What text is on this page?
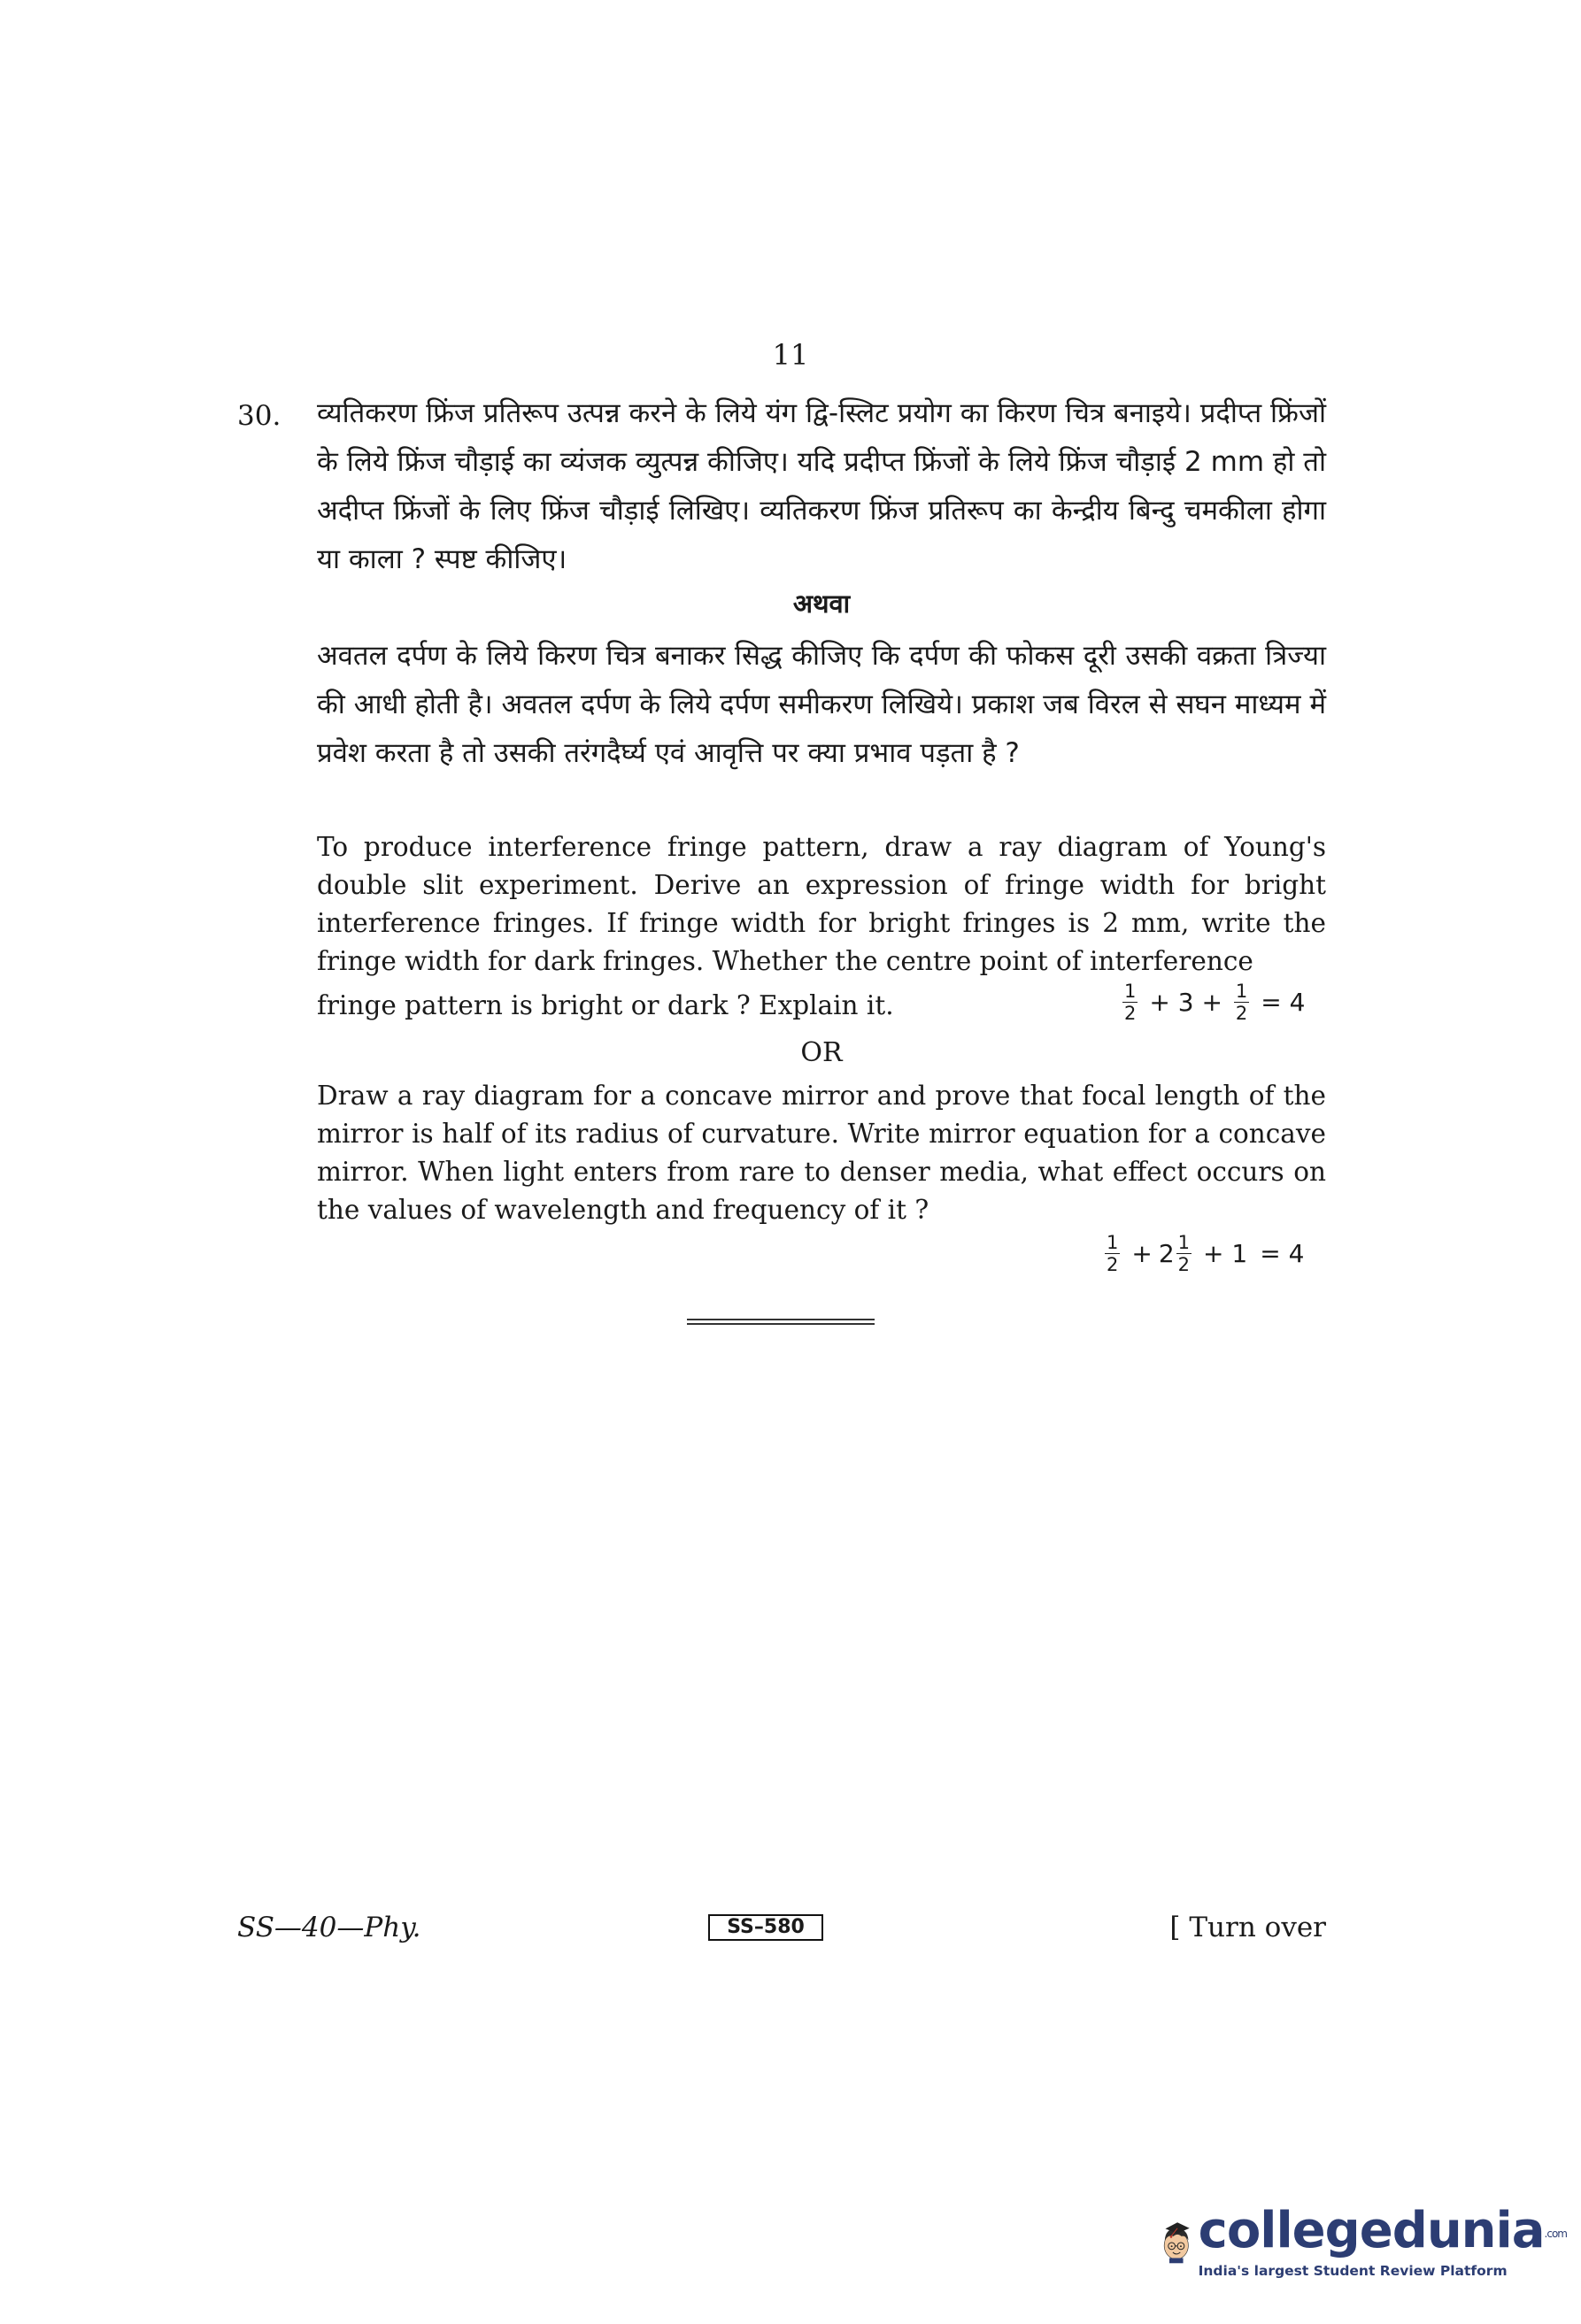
11
30. व्यतिकरण फ्रिंज प्रतिरूप उत्पन्न करने के लिये यंग द्वि-स्लिट प्रयोग का किरण चित्र बनाइये। प्रदीप्त फ्रिंजों के लिये फ्रिंज चौड़ाई का व्यंजक व्युत्पन्न कीजिए। यदि प्रदीप्त फ्रिंजों के लिये फ्रिंज चौड़ाई 2 mm हो तो अदीप्त फ्रिंजों के लिए फ्रिंज चौड़ाई लिखिए। व्यतिकरण फ्रिंज प्रतिरूप का केन्द्रीय बिन्दु चमकीला होगा या काला ? स्पष्ट कीजिए।
अथवा
अवतल दर्पण के लिये किरण चित्र बनाकर सिद्ध कीजिए कि दर्पण की फोकस दूरी उसकी वक्रता त्रिज्या की आधी होती है। अवतल दर्पण के लिये दर्पण समीकरण लिखिये। प्रकाश जब विरल से सघन माध्यम में प्रवेश करता है तो उसकी तरंगदैर्घ्य एवं आवृत्ति पर क्या प्रभाव पड़ता है ?
To produce interference fringe pattern, draw a ray diagram of Young's double slit experiment. Derive an expression of fringe width for bright interference fringes. If fringe width for bright fringes is 2 mm, write the fringe width for dark fringes. Whether the centre point of interference
fringe pattern is bright or dark ? Explain it.	$\frac{1}{2} + 3 + \frac{1}{2} = 4$
OR
Draw a ray diagram for a concave mirror and prove that focal length of the mirror is half of its radius of curvature. Write mirror equation for a concave mirror. When light enters from rare to denser media, what effect occurs on the values of wavelength and frequency of it ?
$\frac{1}{2} + 2 \frac{1}{2} + 1 = 4$
SS—40—Phy.	SS–580	[ Turn over
collegedunia.com
India's largest Student Review Platform
